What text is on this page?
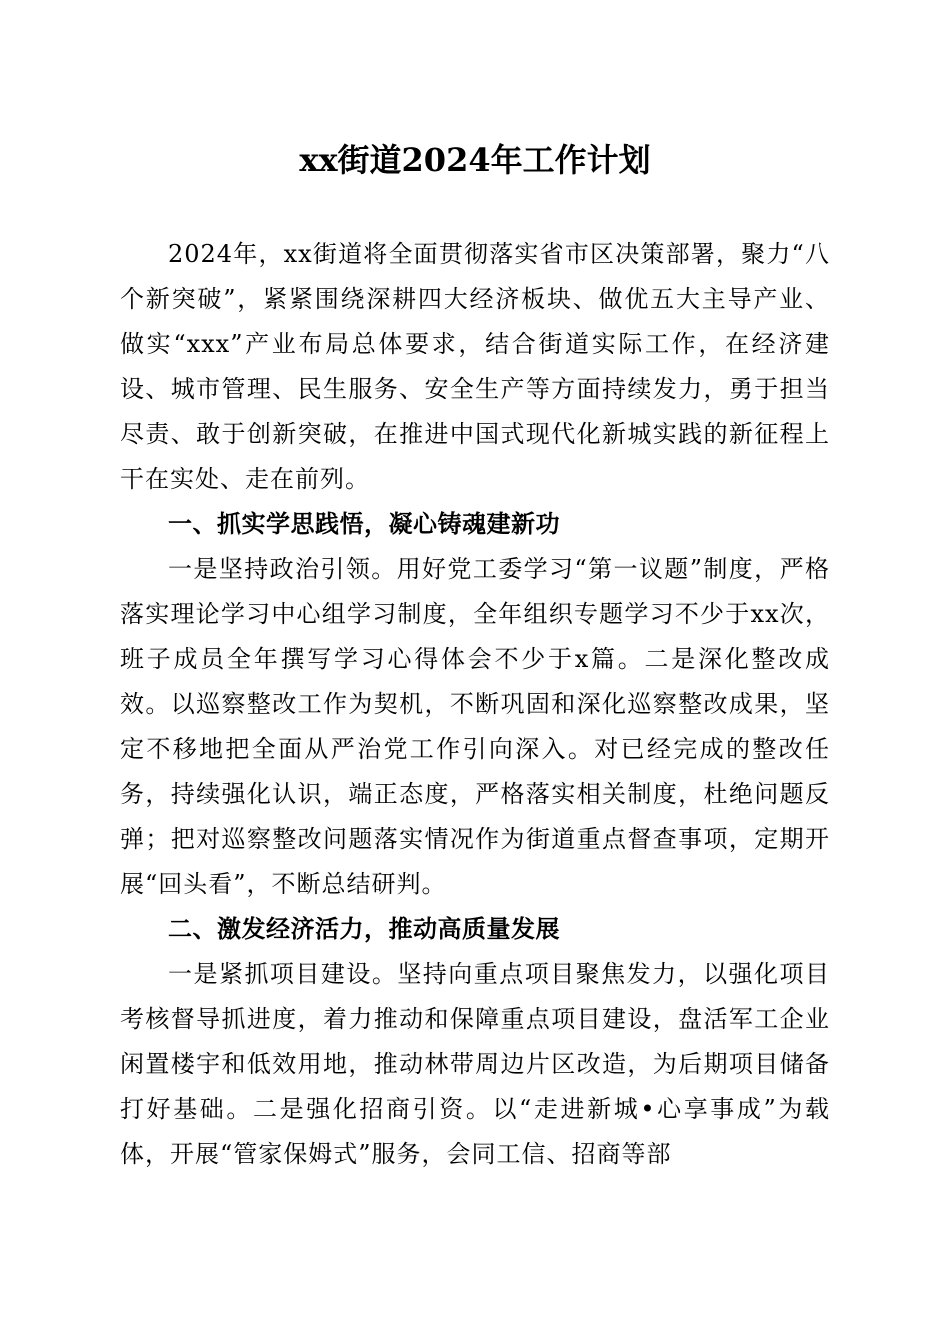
xx街道2024年工作计划

2024年，xx街道将全面贯彻落实省市区决策部署，聚力“八个新突破”，紧紧围绕深耕四大经济板块、做优五大主导产业、做实“xxx”产业布局总体要求，结合街道实际工作，在经济建设、城市管理、民生服务、安全生产等方面持续发力，勇于担当尽责、敢于创新突破，在推进中国式现代化新城实践的新征程上干在实处、走在前列。

一、抓实学思践悟，凝心铸魂建新功

一是坚持政治引领。用好党工委学习“第一议题”制度，严格落实理论学习中心组学习制度，全年组织专题学习不少于xx次，班子成员全年撰写学习心得体会不少于x篇。二是深化整改成效。以巡察整改工作为契机，不断巩固和深化巡察整改成果，坚定不移地把全面从严治党工作引向深入。对已经完成的整改任务，持续强化认识，端正态度，严格落实相关制度，杜绝问题反弹；把对巡察整改问题落实情况作为街道重点督查事项，定期开展“回头看”，不断总结研判。

二、激发经济活力，推动高质量发展

一是紧抓项目建设。坚持向重点项目聚焦发力，以强化项目考核督导抓进度，着力推动和保障重点项目建设，盘活军工企业闲置楼宇和低效用地，推动林带周边片区改造，为后期项目储备打好基础。二是强化招商引资。以“走进新城•心享事成”为载体，开展“管家保姆式”服务，会同工信、招商等部
